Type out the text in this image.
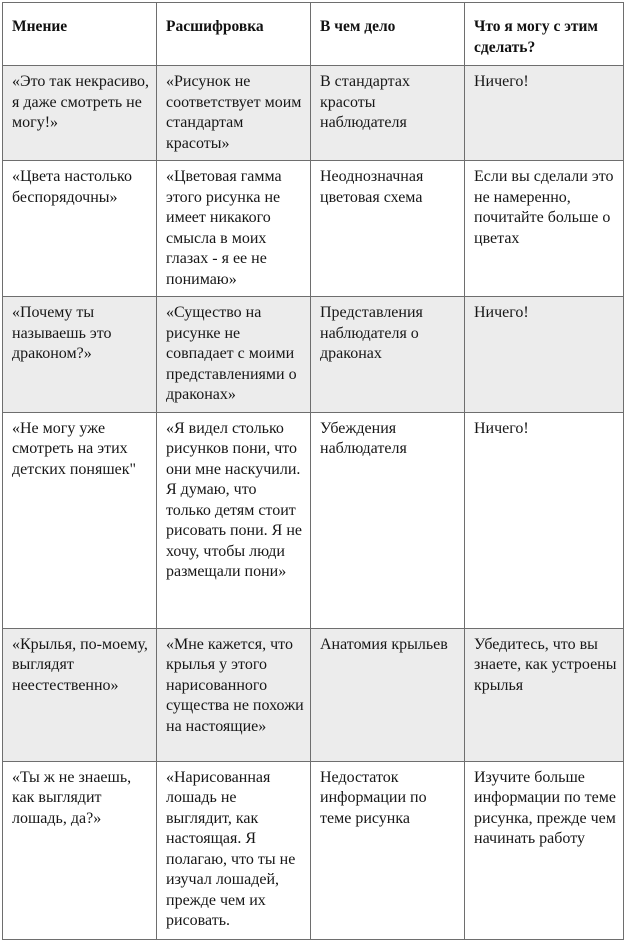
Мнение	Расшифровка	В чем дело	Что я могу с этим сделать?
«Это так некрасиво, я даже смотреть не могу!»	«Рисунок не соответствует моим стандартам красоты»	В стандартах красоты наблюдателя	Ничего!
«Цвета настолько беспорядочны»	«Цветовая гамма этого рисунка не имеет никакого смысла в моих глазах - я ее не понимаю»	Неоднозначная цветовая схема	Если вы сделали это не намеренно, почитайте больше о цветах
«Почему ты называешь это драконом?»	«Существо на рисунке не совпадает с моими представлениями о драконах»	Представления наблюдателя о драконах	Ничего!
«Не могу уже смотреть на этих детских поняшек"	«Я видел столько рисунков пони, что они мне наскучили. Я думаю, что только детям стоит рисовать пони. Я не хочу, чтобы люди размещали пони»	Убеждения наблюдателя	Ничего!
«Крылья, по-моему, выглядят неестественно»	«Мне кажется, что крылья у этого нарисованного существа не похожи на настоящие»	Анатомия крыльев	Убедитесь, что вы знаете, как устроены крылья
«Ты ж не знаешь, как выглядит лошадь, да?»	«Нарисованная лошадь не выглядит, как настоящая. Я полагаю, что ты не изучал лошадей, прежде чем их рисовать.	Недостаток информации по теме рисунка	Изучите больше информации по теме рисунка, прежде чем начинать работу
